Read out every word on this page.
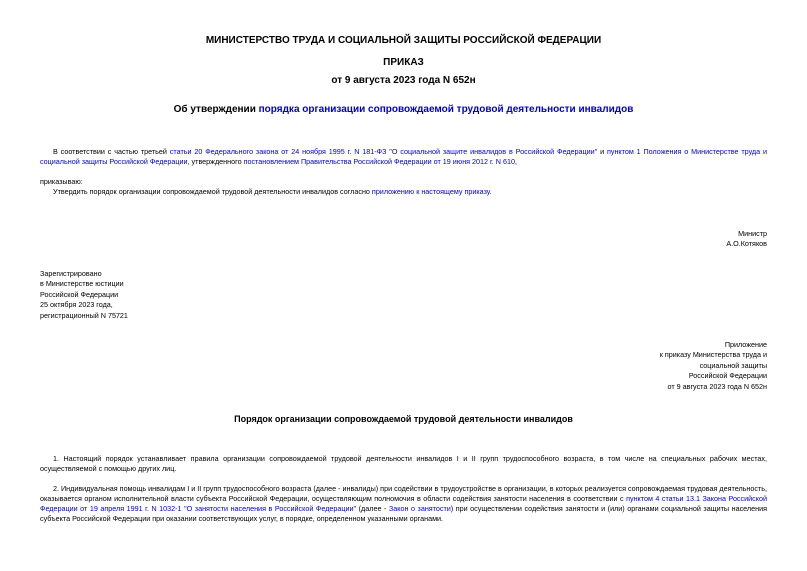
МИНИСТЕРСТВО ТРУДА И СОЦИАЛЬНОЙ ЗАЩИТЫ РОССИЙСКОЙ ФЕДЕРАЦИИ
ПРИКАЗ
от 9 августа 2023 года N 652н
Об утверждении порядка организации сопровождаемой трудовой деятельности инвалидов
В соответствии с частью третьей статьи 20 Федерального закона от 24 ноября 1995 г. N 181-ФЗ "О социальной защите инвалидов в Российской Федерации" и пунктом 1 Положения о Министерстве труда и социальной защиты Российской Федерации, утвержденного постановлением Правительства Российской Федерации от 19 июня 2012 г. N 610,
приказываю:
Утвердить порядок организации сопровождаемой трудовой деятельности инвалидов согласно приложению к настоящему приказу.
Министр
А.О.Котяков
Зарегистрировано
в Министерстве юстиции
Российской Федерации
25 октября 2023 года,
регистрационный N 75721
Приложение
к приказу Министерства труда и
социальной защиты
Российской Федерации
от 9 августа 2023 года N 652н
Порядок организации сопровождаемой трудовой деятельности инвалидов
1. Настоящий порядок устанавливает правила организации сопровождаемой трудовой деятельности инвалидов I и II групп трудоспособного возраста, в том числе на специальных рабочих местах, осуществляемой с помощью других лиц.
2. Индивидуальная помощь инвалидам I и II групп трудоспособного возраста (далее - инвалиды) при содействии в трудоустройстве в организации, в которых реализуется сопровождаемая трудовая деятельность, оказывается органом исполнительной власти субъекта Российской Федерации, осуществляющим полномочия в области содействия занятости населения в соответствии с пунктом 4 статьи 13.1 Закона Российской Федерации от 19 апреля 1991 г. N 1032-1 "О занятости населения в Российской Федерации" (далее - Закон о занятости) при осуществлении содействия занятости и (или) органами социальной защиты населения субъекта Российской Федерации при оказании соответствующих услуг, в порядке, определенном указанными органами.
